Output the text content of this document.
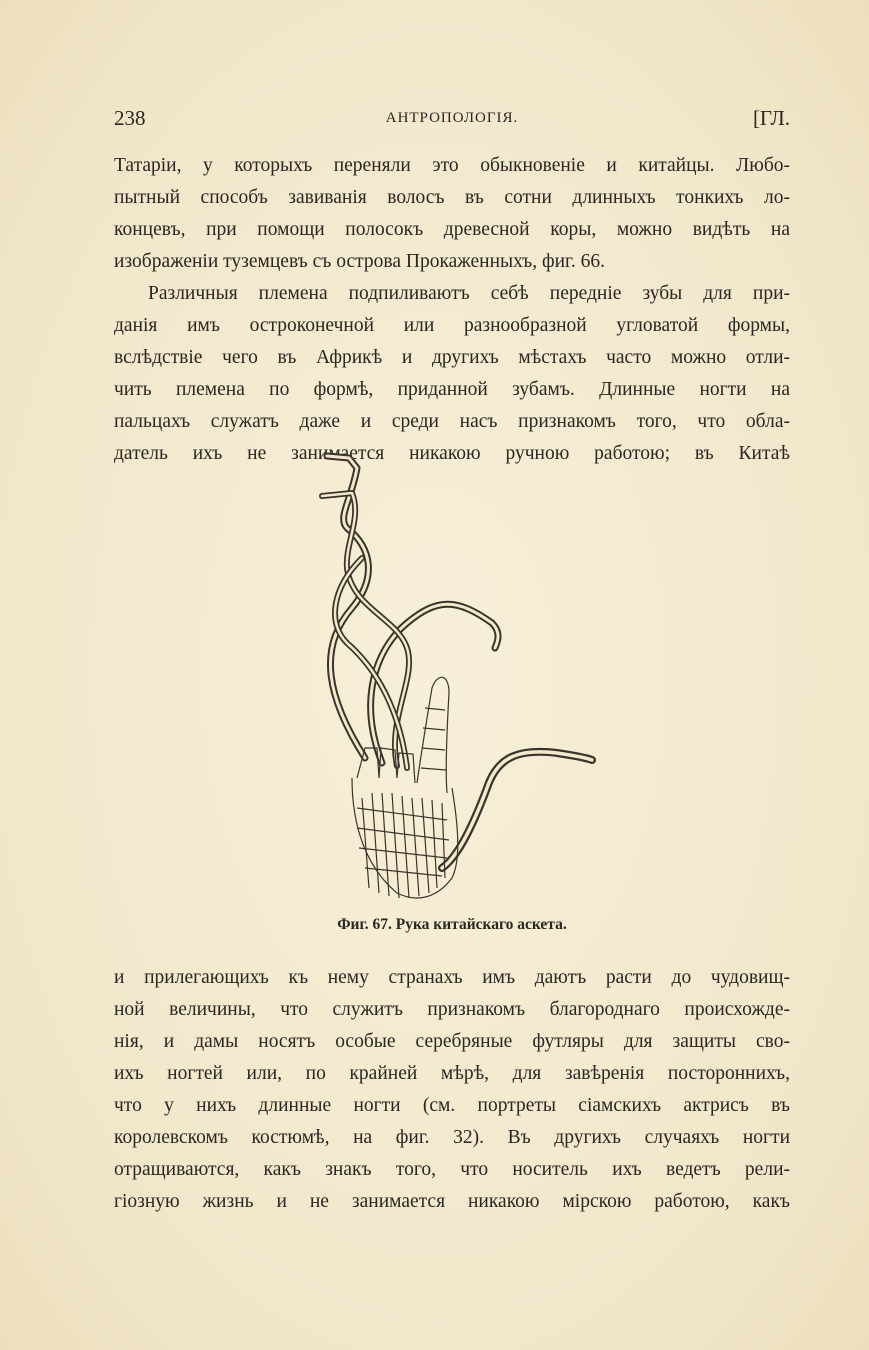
238	АНТРОПОЛОГІЯ.	[ГЛ.
Татаріи, у которыхъ переняли это обыкновеніе и китайцы. Любо-
пытный способъ завиванія волосъ въ сотни длинныхъ тонкихъ ло-
концевъ, при помощи полосокъ древесной коры, можно видѣть на
изображеніи туземцевъ съ острова Прокаженныхъ, фиг. 66.
Различныя племена подпиливаютъ себѣ передніе зубы для при-
данія имъ остроконечной или разнообразной угловатой формы,
вслѣдствіе чего въ Африкѣ и другихъ мѣстахъ часто можно отли-
чить племена по формѣ, приданной зубамъ. Длинные ногти на
пальцахъ служатъ даже и среди насъ признакомъ того, что обла-
датель ихъ не занимается никакою ручною работою; въ Китаѣ
Фиг. 67. Рука китайскаго аскета.
и прилегающихъ къ нему странахъ имъ даютъ расти до чудовищ-
ной величины, что служитъ признакомъ благороднаго происхожде-
нія, и дамы носятъ особые серебряные футляры для защиты сво-
ихъ ногтей или, по крайней мѣрѣ, для завѣренія постороннихъ,
что у нихъ длинные ногти (см. портреты сіамскихъ актрисъ въ
королевскомъ костюмѣ, на фиг. 32). Въ другихъ случаяхъ ногти
отращиваются, какъ знакъ того, что носитель ихъ ведетъ рели-
гіозную жизнь и не занимается никакою мірскою работою, какъ
